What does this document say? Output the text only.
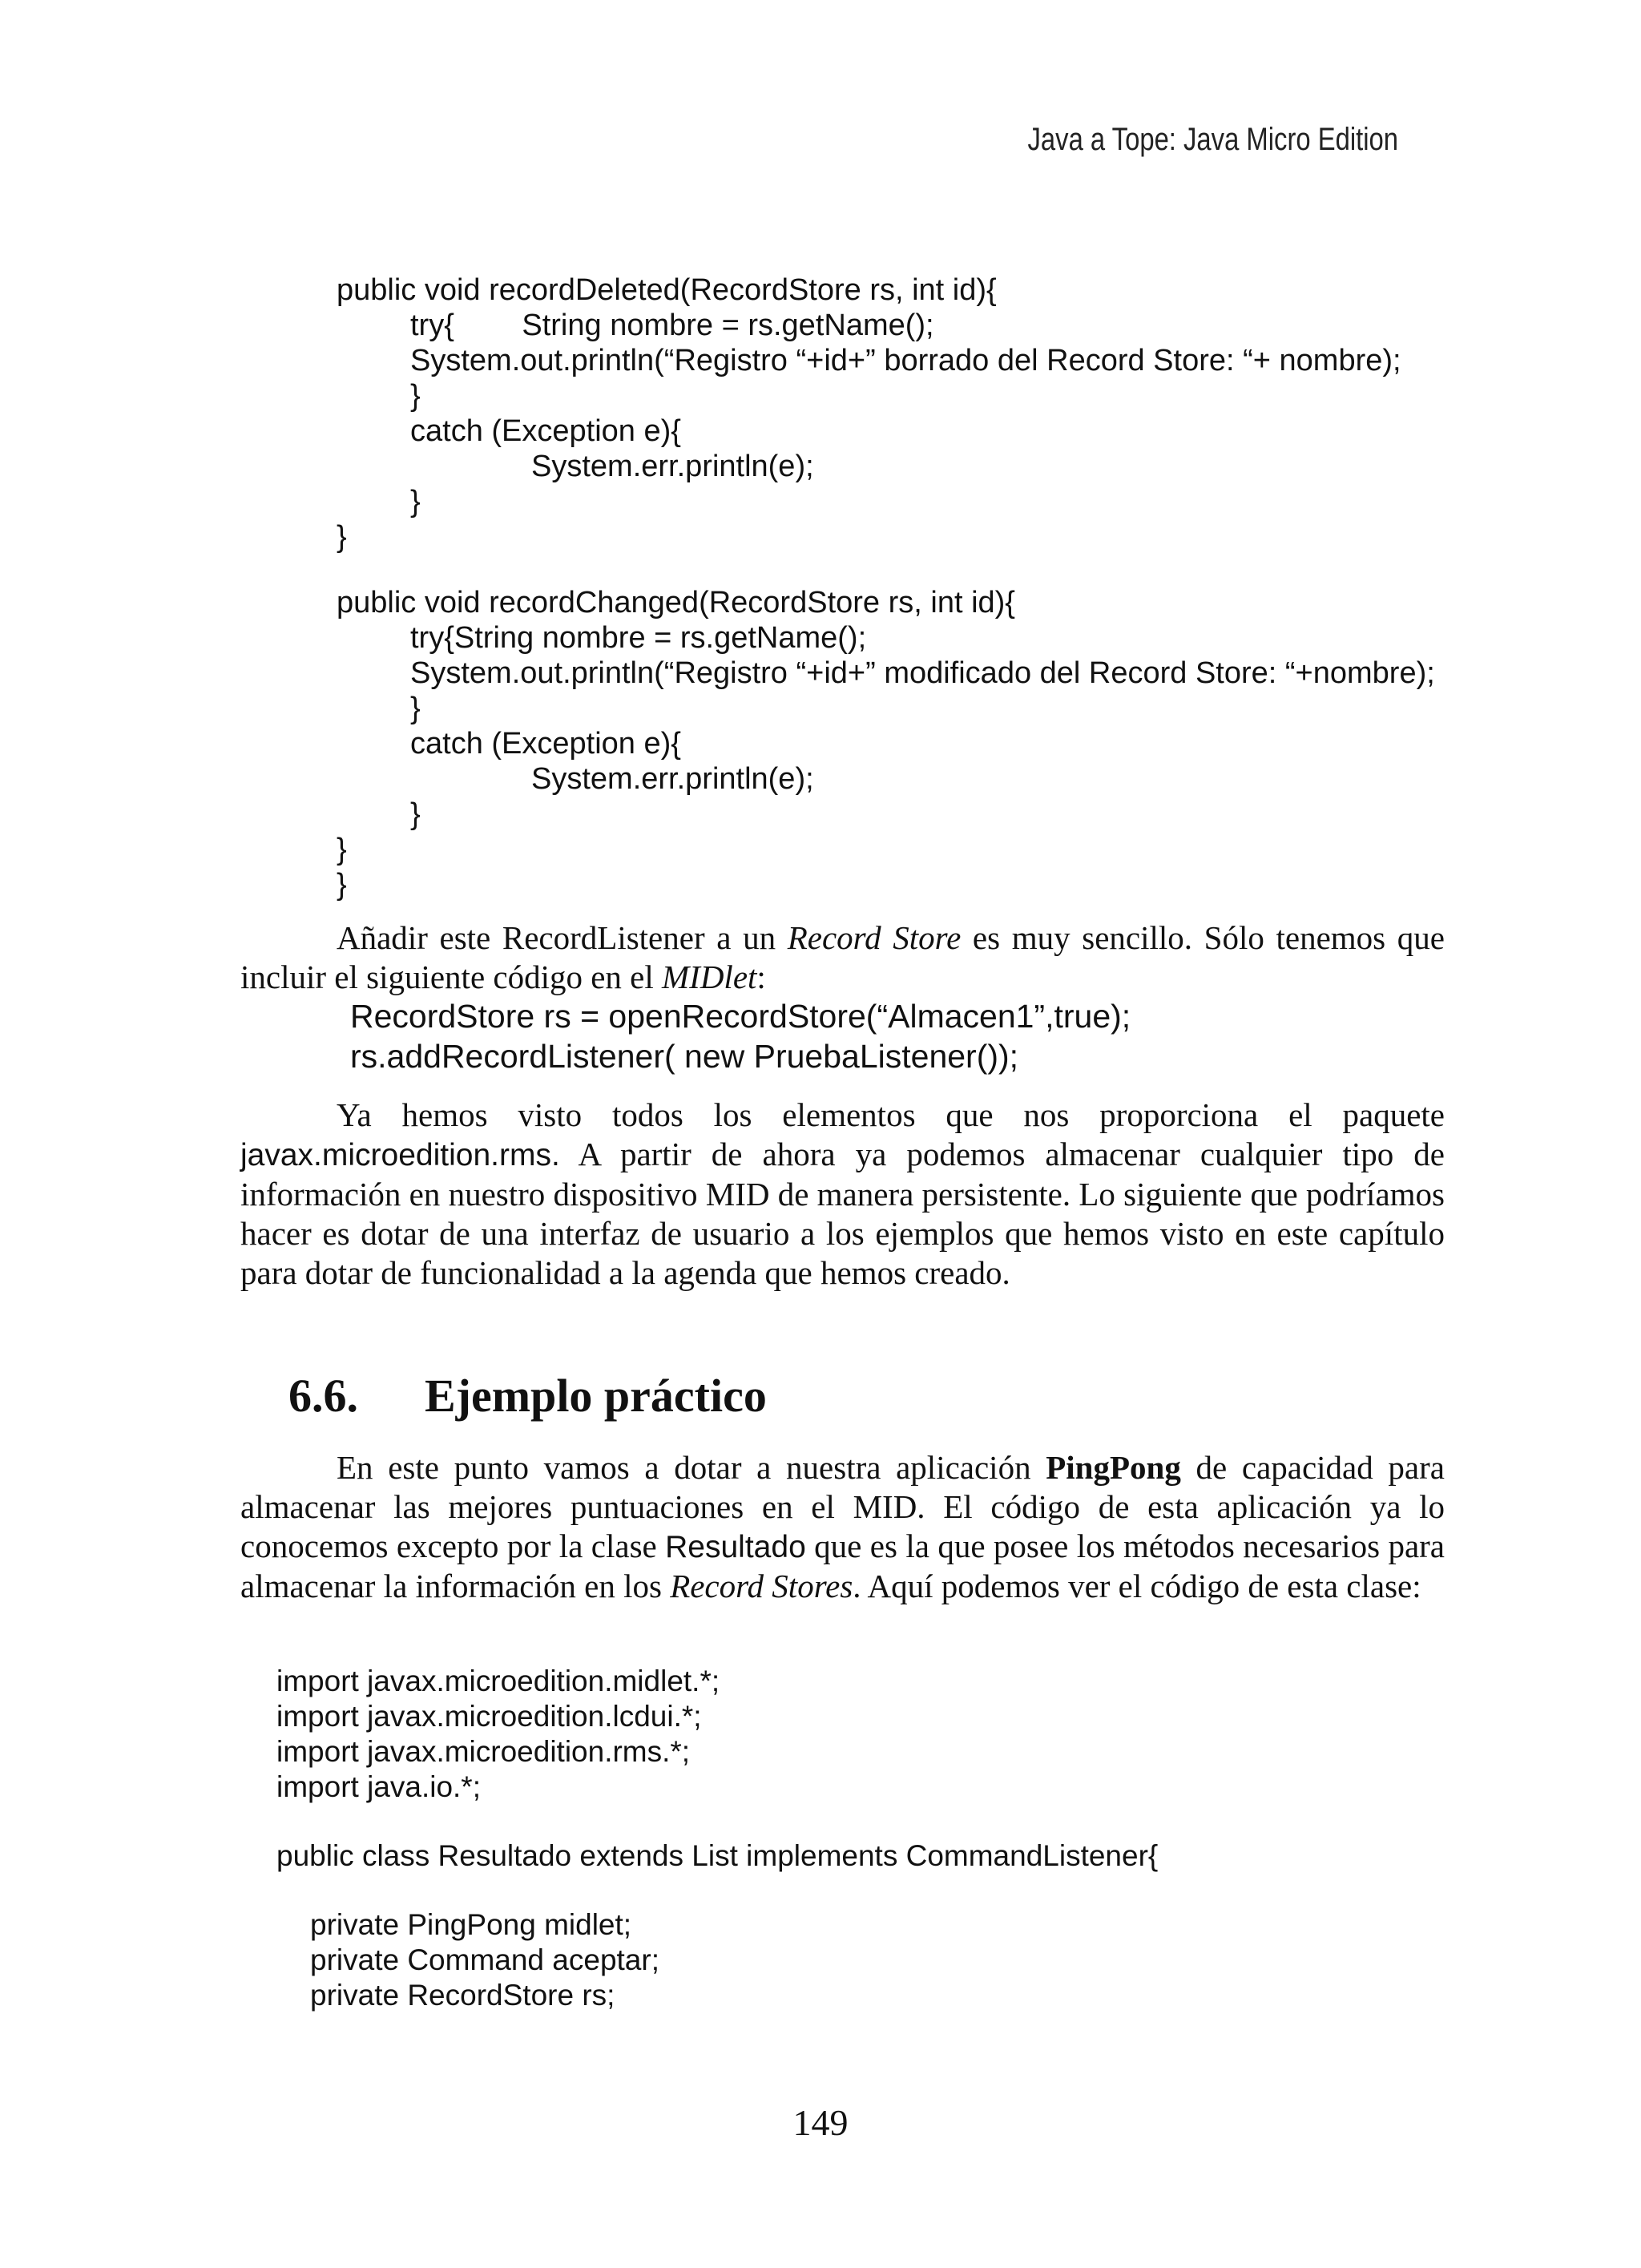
Java a Tope: Java Micro Edition

public void recordDeleted(RecordStore rs, int id){

try{        String nombre = rs.getName();

System.out.println(“Registro “+id+” borrado del Record Store: “+ nombre);

}

catch (Exception e){

System.err.println(e);

}

}

public void recordChanged(RecordStore rs, int id){

try{String nombre = rs.getName();

System.out.println(“Registro “+id+” modificado del Record Store: “+nombre);

}

catch (Exception e){

System.err.println(e);

}

}

}

Añadir este RecordListener a un Record Store es muy sencillo. Sólo tenemos que incluir el siguiente código en el MIDlet:

RecordStore rs = openRecordStore(“Almacen1”,true);

rs.addRecordListener( new PruebaListener());

Ya hemos visto todos los elementos que nos proporciona el paquete javax.microedition.rms. A partir de ahora ya podemos almacenar cualquier tipo de información en nuestro dispositivo MID de manera persistente. Lo siguiente que podríamos hacer es dotar de una interfaz de usuario a los ejemplos que hemos visto en este capítulo para dotar de funcionalidad a la agenda que hemos creado.

6.6. Ejemplo práctico

En este punto vamos a dotar a nuestra aplicación PingPong de capacidad para almacenar las mejores puntuaciones en el MID. El código de esta aplicación ya lo conocemos excepto por la clase Resultado que es la que posee los métodos necesarios para almacenar la información en los Record Stores. Aquí podemos ver el código de esta clase:

import javax.microedition.midlet.*;

import javax.microedition.lcdui.*;

import javax.microedition.rms.*;

import java.io.*;

public class Resultado extends List implements CommandListener{

private PingPong midlet;

private Command aceptar;

private RecordStore rs;

149
